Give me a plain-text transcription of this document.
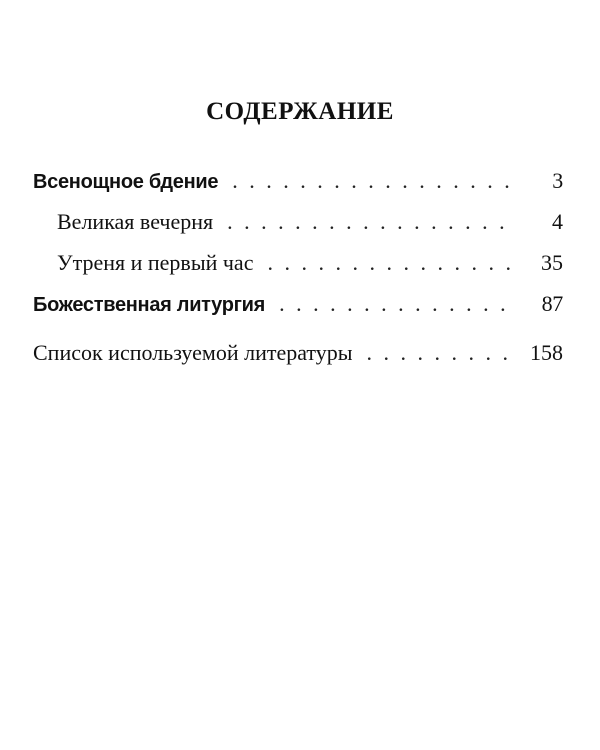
СОДЕРЖАНИЕ
Всенощное бдение . . .	3
Великая вечерня . . .	4
Утреня и первый час . . .	35
Божественная литургия . . .	87
Список используемой литературы . . .	158
